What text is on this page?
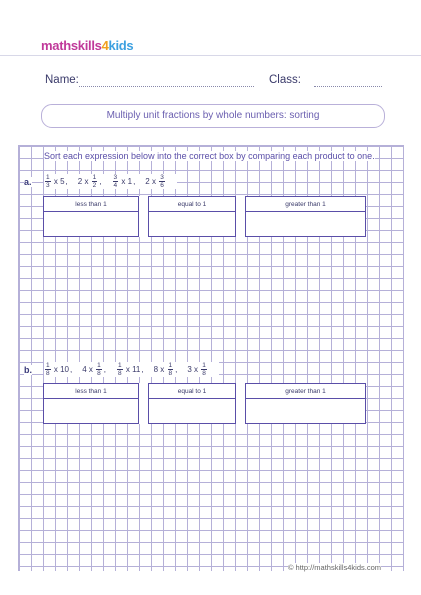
mathskills4kids
Name:	Class:
Multiply unit fractions by whole numbers: sorting
Sort each expression below into the correct box by comparing each product to one.
a. $\frac{1}{3}$ x 5 , 2 x $\frac{1}{2}$ , $\frac{3}{4}$ x 1 , 2 x $\frac{3}{6}$
less than 1		equal to 1		greater than 1

b. $\frac{1}{8}$ x 10 , 4 x $\frac{1}{8}$ , $\frac{1}{8}$ x 11 , 8 x $\frac{1}{8}$ , 3 x $\frac{1}{8}$
less than 1		equal to 1		greater than 1

© http://mathskills4kids.com
